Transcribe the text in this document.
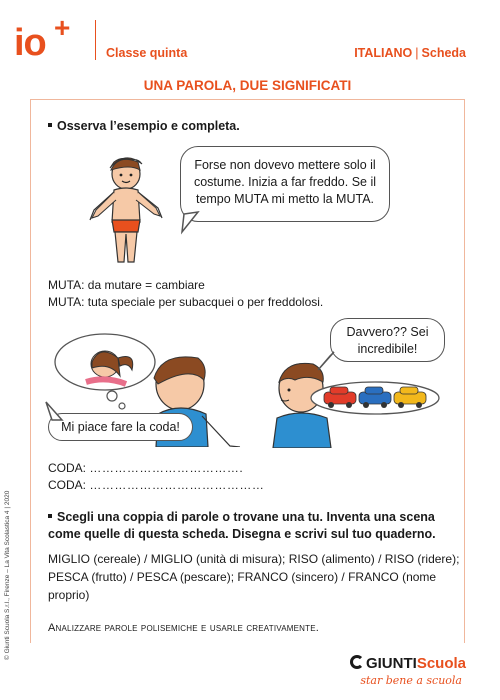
io +
Classe quinta	ITALIANO | Scheda
UNA PAROLA, DUE SIGNIFICATI
Osserva l’esempio e completa.
Forse non dovevo mettere solo il costume. Inizia a far freddo. Se il tempo MUTA mi metto la MUTA.
MUTA: da mutare = cambiare
MUTA: tuta speciale per subacquei o per freddolosi.
Mi piace fare la coda!
Davvero?? Sei incredibile!
CODA: ……………………………….
CODA: ……………………………………
Scegli una coppia di parole o trovane una tu. Inventa una scena come quelle di questa scheda. Disegna e scrivi sul tuo quaderno.
MIGLIO (cereale) / MIGLIO (unità di misura); RISO (alimento) / RISO (ridere); PESCA (frutto) / PESCA (pescare); FRANCO (sincero) / FRANCO (nome proprio)
Analizzare parole polisemiche e usarle creativamente.
© Giunti Scuola S.r.l., Firenze – La Vita Scolastica 4 | 2020
GIUNTIScuola
star bene a scuola
